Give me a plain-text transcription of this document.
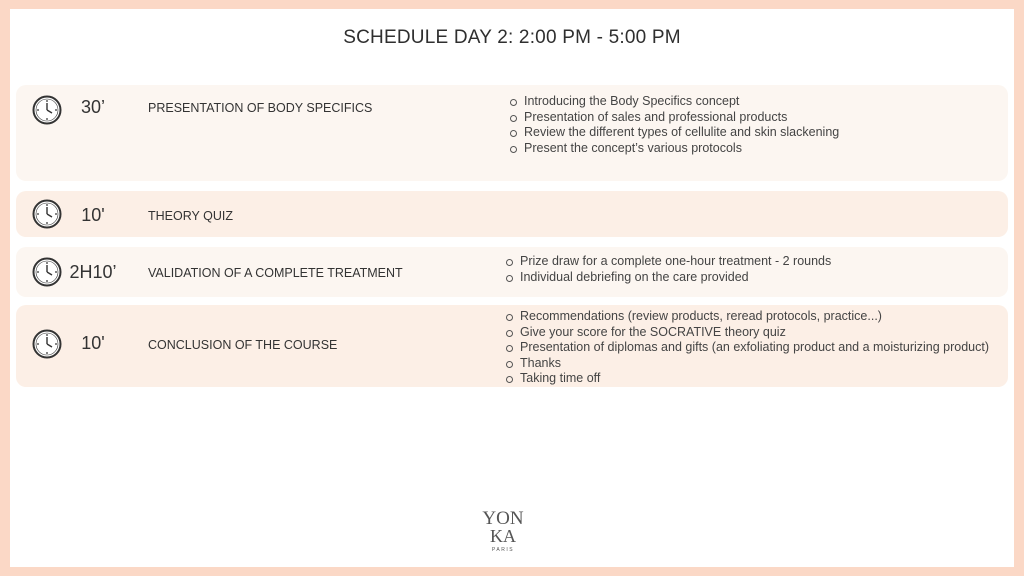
SCHEDULE DAY 2: 2:00 PM - 5:00 PM
30’	PRESENTATION OF BODY SPECIFICS	Introducing the Body Specifics concept
Presentation of sales and professional products
Review the different types of cellulite and skin slackening
Present the concept’s various protocols
10'	THEORY QUIZ
2H10’	VALIDATION OF A COMPLETE TREATMENT
Prize draw for a complete one-hour treatment - 2 rounds
Individual debriefing on the care provided
10'	CONCLUSION OF THE COURSE
Recommendations (review products, reread protocols, practice...)
Give your score for the SOCRATIVE theory quiz
Presentation of diplomas and gifts (an exfoliating product and a moisturizing product)
Thanks
Taking time off
YON
KA
PARIS
